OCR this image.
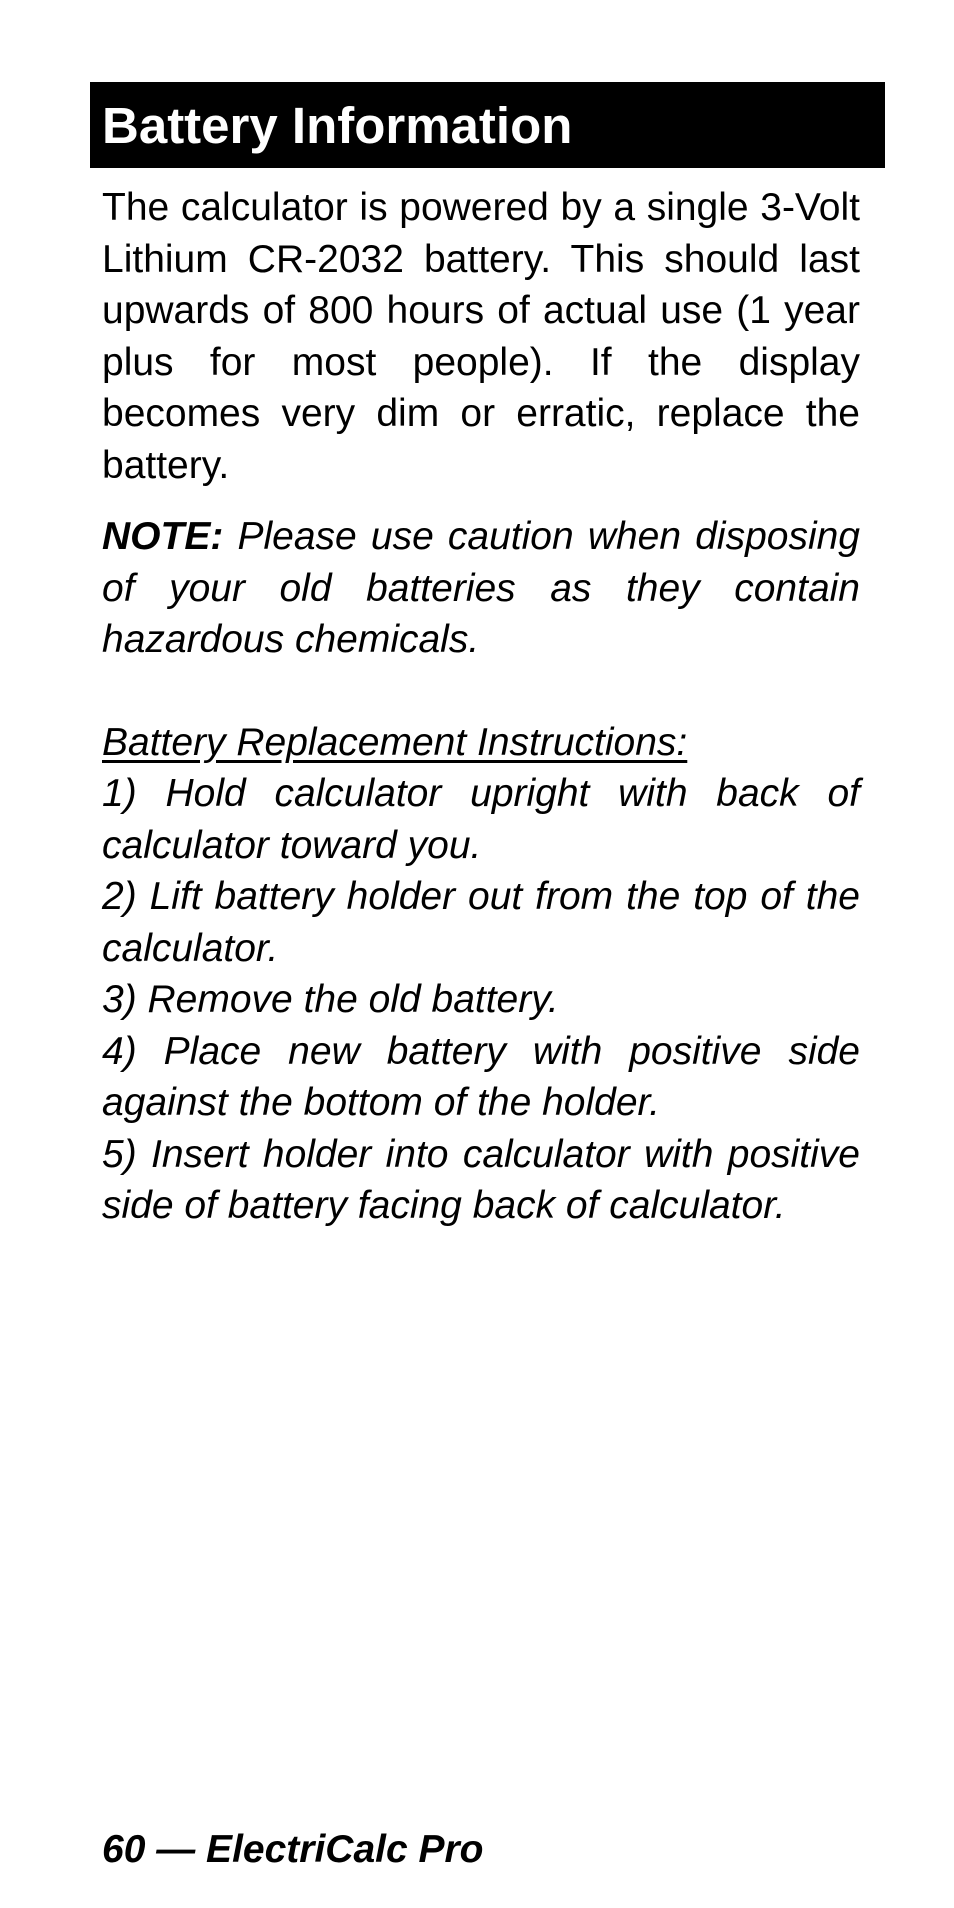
Battery Information

The calculator is powered by a single 3-Volt Lithium CR-2032 battery. This should last upwards of 800 hours of actual use (1 year plus for most people). If the display becomes very dim or erratic, replace the battery.

NOTE: Please use caution when disposing of your old batteries as they contain hazardous chemicals.

Battery Replacement Instructions:

1) Hold calculator upright with back of calculator toward you.

2) Lift battery holder out from the top of the calculator.

3) Remove the old battery.

4) Place new battery with positive side against the bottom of the holder.

5) Insert holder into calculator with positive side of battery facing back of calculator.

60 — ElectriCalc Pro
